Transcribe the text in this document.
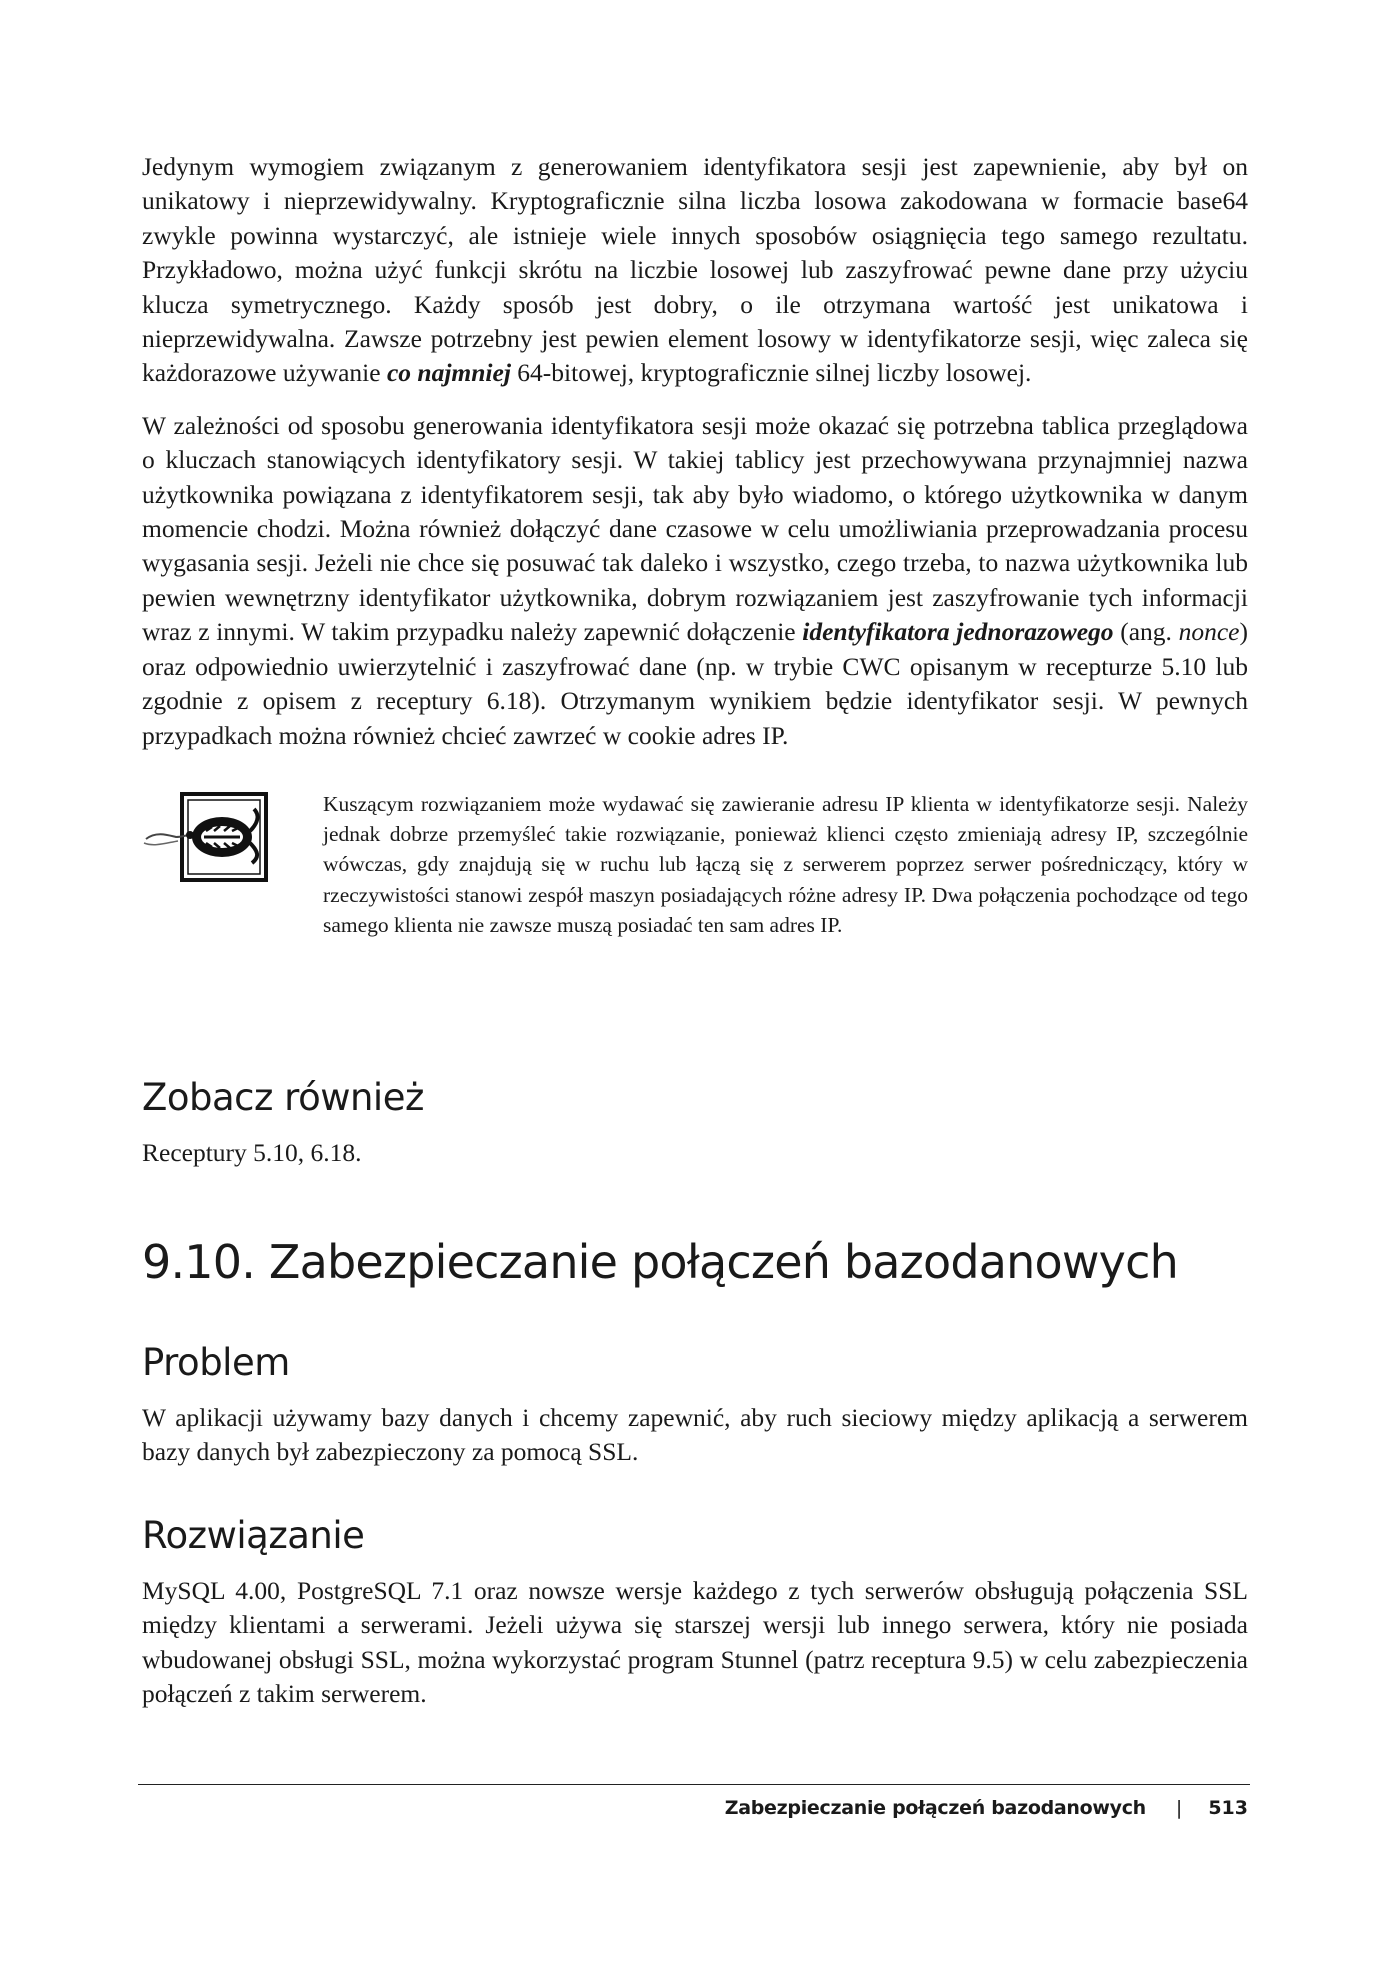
Jedynym wymogiem związanym z generowaniem identyfikatora sesji jest zapewnienie, aby był on unikatowy i nieprzewidywalny. Kryptograficznie silna liczba losowa zakodowana w formacie base64 zwykle powinna wystarczyć, ale istnieje wiele innych sposobów osiągnięcia tego samego rezultatu. Przykładowo, można użyć funkcji skrótu na liczbie losowej lub zaszyfrować pewne dane przy użyciu klucza symetrycznego. Każdy sposób jest dobry, o ile otrzymana wartość jest unikatowa i nieprzewidywalna. Zawsze potrzebny jest pewien element losowy w identyfikatorze sesji, więc zaleca się każdorazowe używanie co najmniej 64-bitowej, kryptograficznie silnej liczby losowej.

W zależności od sposobu generowania identyfikatora sesji może okazać się potrzebna tablica przeglądowa o kluczach stanowiących identyfikatory sesji. W takiej tablicy jest przechowywana przynajmniej nazwa użytkownika powiązana z identyfikatorem sesji, tak aby było wiadomo, o którego użytkownika w danym momencie chodzi. Można również dołączyć dane czasowe w celu umożliwiania przeprowadzania procesu wygasania sesji. Jeżeli nie chce się posuwać tak daleko i wszystko, czego trzeba, to nazwa użytkownika lub pewien wewnętrzny identyfikator użytkownika, dobrym rozwiązaniem jest zaszyfrowanie tych informacji wraz z innymi. W takim przypadku należy zapewnić dołączenie identyfikatora jednorazowego (ang. nonce) oraz odpowiednio uwierzytelnić i zaszyfrować dane (np. w trybie CWC opisanym w recepturze 5.10 lub zgodnie z opisem z receptury 6.18). Otrzymanym wynikiem będzie identyfikator sesji. W pewnych przypadkach można również chcieć zawrzeć w cookie adres IP.

Kuszącym rozwiązaniem może wydawać się zawieranie adresu IP klienta w identyfikatorze sesji. Należy jednak dobrze przemyśleć takie rozwiązanie, ponieważ klienci często zmieniają adresy IP, szczególnie wówczas, gdy znajdują się w ruchu lub łączą się z serwerem poprzez serwer pośredniczący, który w rzeczywistości stanowi zespół maszyn posiadających różne adresy IP. Dwa połączenia pochodzące od tego samego klienta nie zawsze muszą posiadać ten sam adres IP.
Zobacz również

Receptury 5.10, 6.18.

9.10. Zabezpieczanie połączeń bazodanowych
Problem

W aplikacji używamy bazy danych i chcemy zapewnić, aby ruch sieciowy między aplikacją a serwerem bazy danych był zabezpieczony za pomocą SSL.

Rozwiązanie

MySQL 4.00, PostgreSQL 7.1 oraz nowsze wersje każdego z tych serwerów obsługują połączenia SSL między klientami a serwerami. Jeżeli używa się starszej wersji lub innego serwera, który nie posiada wbudowanej obsługi SSL, można wykorzystać program Stunnel (patrz receptura 9.5) w celu zabezpieczenia połączeń z takim serwerem.

Zabezpieczanie połączeń bazodanowych | 513
